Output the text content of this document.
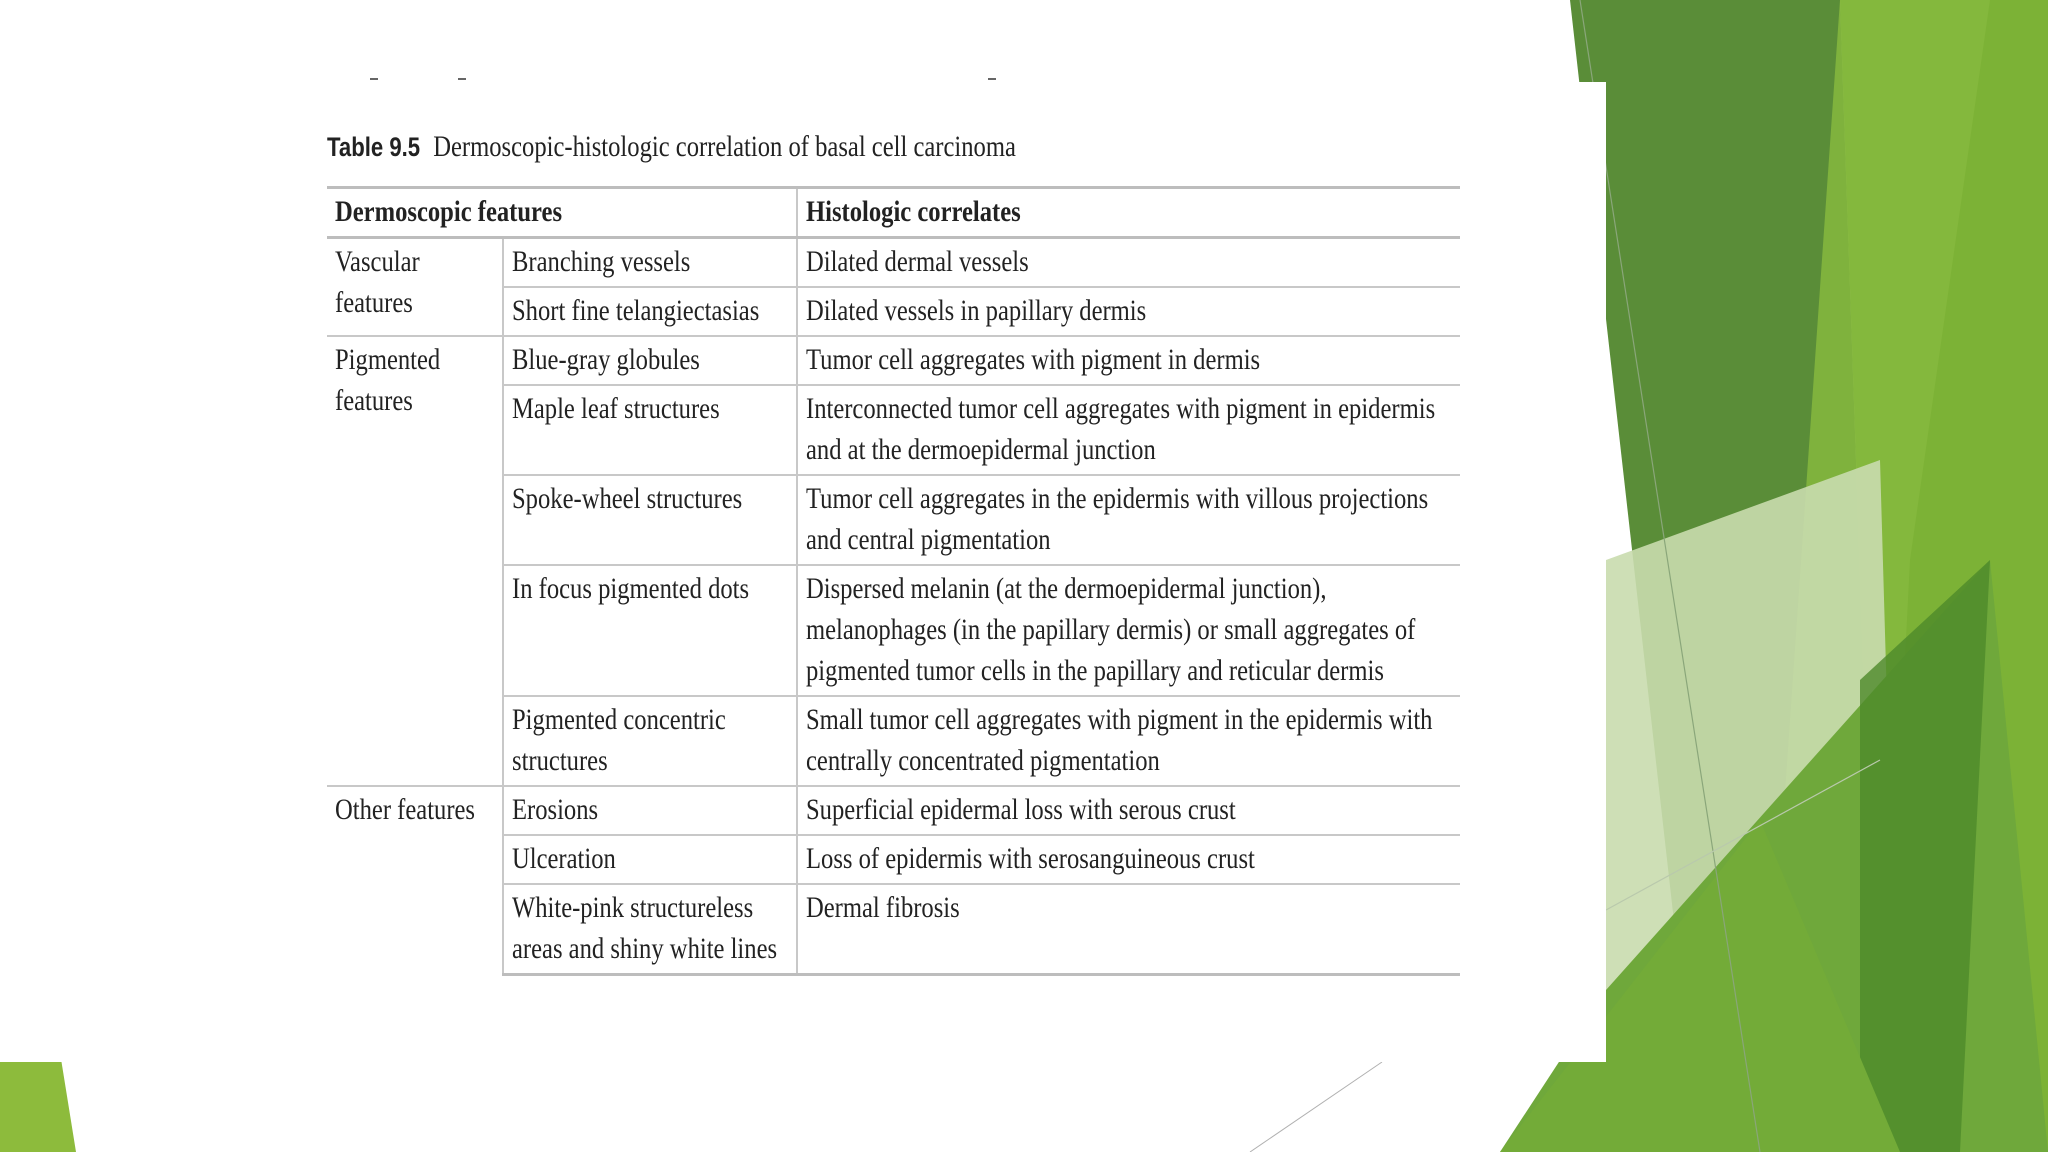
Table 9.5 Dermoscopic-histologic correlation of basal cell carcinoma
Dermoscopic features		Histologic correlates

Vascular
features	Branching vessels	Dilated dermal vessels

	Short fine telangiectasias	Dilated vessels in papillary dermis

Pigmented
features	Blue-gray globules	Tumor cell aggregates with pigment in dermis

	Maple leaf structures	Interconnected tumor cell aggregates with pigment in epidermis
and at the dermoepidermal junction

	Spoke-wheel structures	Tumor cell aggregates in the epidermis with villous projections
and central pigmentation

	In focus pigmented dots	Dispersed melanin (at the dermoepidermal junction),
melanophages (in the papillary dermis) or small aggregates of
pigmented tumor cells in the papillary and reticular dermis

	Pigmented concentric
structures	Small tumor cell aggregates with pigment in the epidermis with
centrally concentrated pigmentation

Other features	Erosions	Superficial epidermal loss with serous crust

	Ulceration	Loss of epidermis with serosanguineous crust

	White-pink structureless
areas and shiny white lines	Dermal fibrosis
